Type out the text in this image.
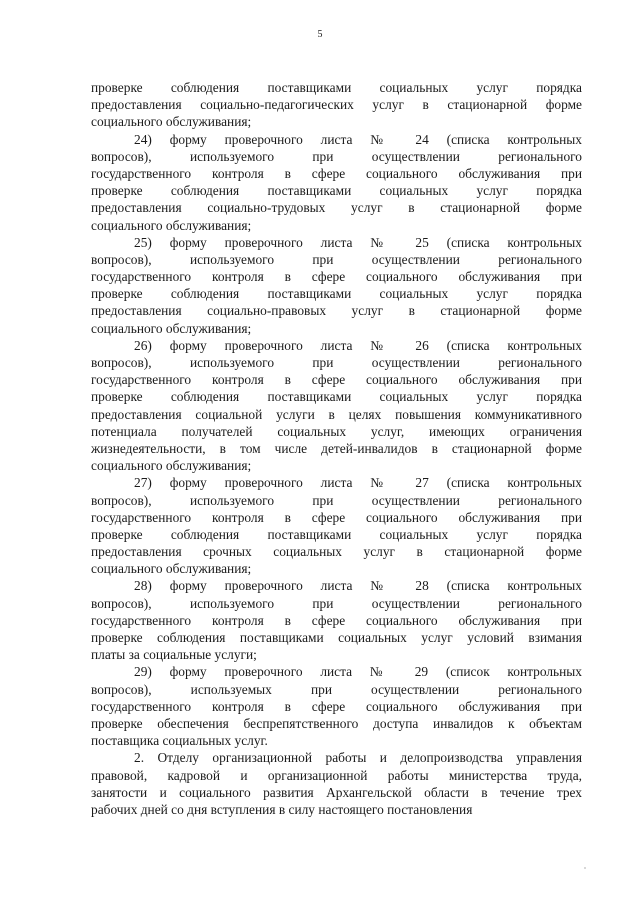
5
проверке соблюдения поставщиками социальных услуг порядка
предоставления социально-педагогических услуг в стационарной форме
социального обслуживания;
24) форму проверочного листа № 24 (списка контрольных
вопросов), используемого при осуществлении регионального
государственного контроля в сфере социального обслуживания при
проверке соблюдения поставщиками социальных услуг порядка
предоставления социально-трудовых услуг в стационарной форме
социального обслуживания;
25) форму проверочного листа № 25 (списка контрольных
вопросов), используемого при осуществлении регионального
государственного контроля в сфере социального обслуживания при
проверке соблюдения поставщиками социальных услуг порядка
предоставления социально-правовых услуг в стационарной форме
социального обслуживания;
26) форму проверочного листа № 26 (списка контрольных
вопросов), используемого при осуществлении регионального
государственного контроля в сфере социального обслуживания при
проверке соблюдения поставщиками социальных услуг порядка
предоставления социальной услуги в целях повышения коммуникативного
потенциала получателей социальных услуг, имеющих ограничения
жизнедеятельности, в том числе детей-инвалидов в стационарной форме
социального обслуживания;
27) форму проверочного листа № 27 (списка контрольных
вопросов), используемого при осуществлении регионального
государственного контроля в сфере социального обслуживания при
проверке соблюдения поставщиками социальных услуг порядка
предоставления срочных социальных услуг в стационарной форме
социального обслуживания;
28) форму проверочного листа № 28 (списка контрольных
вопросов), используемого при осуществлении регионального
государственного контроля в сфере социального обслуживания при
проверке соблюдения поставщиками социальных услуг условий взимания
платы за социальные услуги;
29) форму проверочного листа № 29 (список контрольных
вопросов), используемых при осуществлении регионального
государственного контроля в сфере социального обслуживания при
проверке обеспечения беспрепятственного доступа инвалидов к объектам
поставщика социальных услуг.
2. Отделу организационной работы и делопроизводства управления
правовой, кадровой и организационной работы министерства труда,
занятости и социального развития Архангельской области в течение трех
рабочих дней со дня вступления в силу настоящего постановления
